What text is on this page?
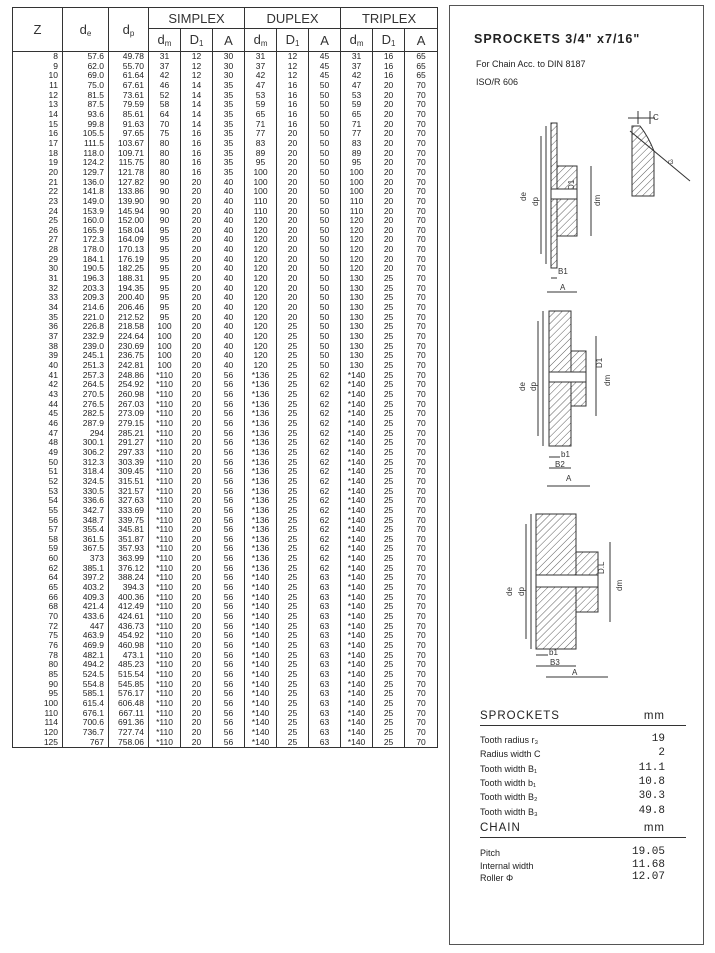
Z	$d_e$	$d_p$	SIMPLEX			DUPLEX			TRIPLEX		
			$d_m$	$D_1$	A	$d_m$	$D_1$	A	$d_m$	$D_1$	A
8	57.6	49.78	31	12	30	31	12	45	31	16	65
9	62.0	55.70	37	12	30	37	12	45	37	16	65
10	69.0	61.64	42	12	30	42	12	45	42	16	65
11	75.0	67.61	46	14	35	47	16	50	47	20	70
12	81.5	73.61	52	14	35	53	16	50	53	20	70
13	87.5	79.59	58	14	35	59	16	50	59	20	70
14	93.6	85.61	64	14	35	65	16	50	65	20	70
15	99.8	91.63	70	14	35	71	16	50	71	20	70
16	105.5	97.65	75	16	35	77	20	50	77	20	70
17	111.5	103.67	80	16	35	83	20	50	83	20	70
18	118.0	109.71	80	16	35	89	20	50	89	20	70
19	124.2	115.75	80	16	35	95	20	50	95	20	70
20	129.7	121.78	80	16	35	100	20	50	100	20	70
21	136.0	127.82	90	20	40	100	20	50	100	20	70
22	141.8	133.86	90	20	40	100	20	50	100	20	70
23	149.0	139.90	90	20	40	110	20	50	110	20	70
24	153.9	145.94	90	20	40	110	20	50	110	20	70
25	160.0	152.00	90	20	40	120	20	50	120	20	70
26	165.9	158.04	95	20	40	120	20	50	120	20	70
27	172.3	164.09	95	20	40	120	20	50	120	20	70
28	178.0	170.13	95	20	40	120	20	50	120	20	70
29	184.1	176.19	95	20	40	120	20	50	120	20	70
30	190.5	182.25	95	20	40	120	20	50	120	20	70
31	196.3	188.31	95	20	40	120	20	50	130	25	70
32	203.3	194.35	95	20	40	120	20	50	130	25	70
33	209.3	200.40	95	20	40	120	20	50	130	25	70
34	214.6	206.46	95	20	40	120	20	50	130	25	70
35	221.0	212.52	95	20	40	120	20	50	130	25	70
36	226.8	218.58	100	20	40	120	25	50	130	25	70
37	232.9	224.64	100	20	40	120	25	50	130	25	70
38	239.0	230.69	100	20	40	120	25	50	130	25	70
39	245.1	236.75	100	20	40	120	25	50	130	25	70
40	251.3	242.81	100	20	40	120	25	50	130	25	70
41	257.3	248.86	*110	20	56	*136	25	62	*140	25	70
42	264.5	254.92	*110	20	56	*136	25	62	*140	25	70
43	270.5	260.98	*110	20	56	*136	25	62	*140	25	70
44	276.5	267.03	*110	20	56	*136	25	62	*140	25	70
45	282.5	273.09	*110	20	56	*136	25	62	*140	25	70
46	287.9	279.15	*110	20	56	*136	25	62	*140	25	70
47	294	285.21	*110	20	56	*136	25	62	*140	25	70
48	300.1	291.27	*110	20	56	*136	25	62	*140	25	70
49	306.2	297.33	*110	20	56	*136	25	62	*140	25	70
50	312.3	303.39	*110	20	56	*136	25	62	*140	25	70
51	318.4	309.45	*110	20	56	*136	25	62	*140	25	70
52	324.5	315.51	*110	20	56	*136	25	62	*140	25	70
53	330.5	321.57	*110	20	56	*136	25	62	*140	25	70
54	336.6	327.63	*110	20	56	*136	25	62	*140	25	70
55	342.7	333.69	*110	20	56	*136	25	62	*140	25	70
56	348.7	339.75	*110	20	56	*136	25	62	*140	25	70
57	355.4	345.81	*110	20	56	*136	25	62	*140	25	70
58	361.5	351.87	*110	20	56	*136	25	62	*140	25	70
59	367.5	357.93	*110	20	56	*136	25	62	*140	25	70
60	373	363.99	*110	20	56	*136	25	62	*140	25	70
62	385.1	376.12	*110	20	56	*136	25	62	*140	25	70
64	397.2	388.24	*110	20	56	*140	25	63	*140	25	70
65	403.2	394.3	*110	20	56	*140	25	63	*140	25	70
66	409.3	400.36	*110	20	56	*140	25	63	*140	25	70
68	421.4	412.49	*110	20	56	*140	25	63	*140	25	70
70	433.6	424.61	*110	20	56	*140	25	63	*140	25	70
72	447	436.73	*110	20	56	*140	25	63	*140	25	70
75	463.9	454.92	*110	20	56	*140	25	63	*140	25	70
76	469.9	460.98	*110	20	56	*140	25	63	*140	25	70
78	482.1	473.1	*110	20	56	*140	25	63	*140	25	70
80	494.2	485.23	*110	20	56	*140	25	63	*140	25	70
85	524.5	515.54	*110	20	56	*140	25	63	*140	25	70
90	554.8	545.85	*110	20	56	*140	25	63	*140	25	70
95	585.1	576.17	*110	20	56	*140	25	63	*140	25	70
100	615.4	606.48	*110	20	56	*140	25	63	*140	25	70
110	676.1	667.11	*110	20	56	*140	25	63	*140	25	70
114	700.6	691.36	*110	20	56	*140	25	63	*140	25	70
120	736.7	727.74	*110	20	56	*140	25	63	*140	25	70
125	767	758.06	*110	20	56	*140	25	63	*140	25	70
SPROCKETS 3/4" x7/16"
For Chain Acc. to DIN 8187
ISO/R 606
C
r3
de
dp
D1
dm
B1
A
de dp
D1
dm
b1
B2
A
de dp
D.L
dm
b1
B3
A
SPROCKETS	mm
Tooth radius r₃	19
Radius width C	2
Tooth width B₁	11.1
Tooth width b₁	10.8
Tooth width B₂	30.3
Tooth width B₃	49.8
CHAIN	mm
Pitch	19.05
Internal width	11.68
Roller Φ	12.07
